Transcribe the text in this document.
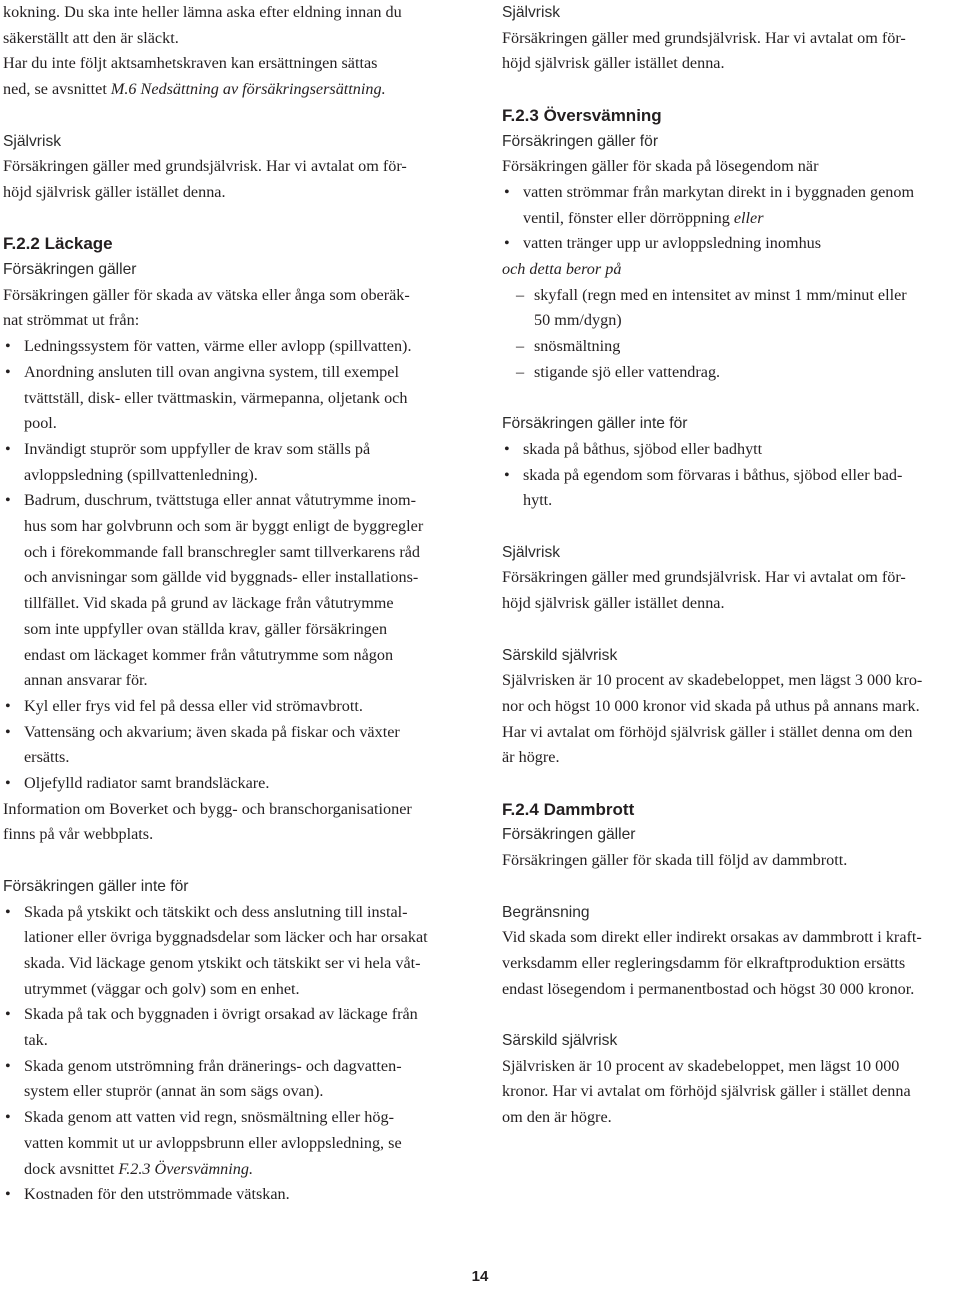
kokning. Du ska inte heller lämna aska efter eldning innan du
säkerställt att den är släckt.

Har du inte följt aktsamhetskraven kan ersättningen sättas

ned, se avsnittet M.6 Nedsättning av försäkringsersättning.

Självrisk

Försäkringen gäller med grundsjälvrisk. Har vi avtalat om för-
höjd självrisk gäller istället denna.

F.2.2 Läckage

Försäkringen gäller

Försäkringen gäller för skada av vätska eller ånga som oberäk-
nat strömmat ut från:

• Ledningssystem för vatten, värme eller avlopp (spillvatten).
• Anordning ansluten till ovan angivna system, till exempel
tvättställ, disk- eller tvättmaskin, värmepanna, oljetank och
pool.
• Invändigt stuprör som uppfyller de krav som ställs på
avloppsledning (spillvattenledning).
• Badrum, duschrum, tvättstuga eller annat våtutrymme inom-
hus som har golvbrunn och som är byggt enligt de byggregler
och i förekommande fall branschregler samt tillverkarens råd
och anvisningar som gällde vid byggnads- eller installations-
tillfället. Vid skada på grund av läckage från våtutrymme
som inte uppfyller ovan ställda krav, gäller försäkringen
endast om läckaget kommer från våtutrymme som någon
annan ansvarar för.
• Kyl eller frys vid fel på dessa eller vid strömavbrott.
• Vattensäng och akvarium; även skada på fiskar och växter
ersätts.
• Oljefylld radiator samt brandsläckare.

Information om Boverket och bygg- och branschorganisationer
finns på vår webbplats.

Försäkringen gäller inte för

• Skada på ytskikt och tätskikt och dess anslutning till instal-
lationer eller övriga byggnadsdelar som läcker och har orsakat
skada. Vid läckage genom ytskikt och tätskikt ser vi hela våt-
utrymmet (väggar och golv) som en enhet.
• Skada på tak och byggnaden i övrigt orsakad av läckage från
tak.
• Skada genom utströmning från dränerings- och dagvatten-
system eller stuprör (annat än som sägs ovan).
• Skada genom att vatten vid regn, snösmältning eller hög-
vatten kommit ut ur avloppsbrunn eller avloppsledning, se
dock avsnittet F.2.3 Översvämning.
• Kostnaden för den utströmmade vätskan.

Självrisk

Försäkringen gäller med grundsjälvrisk. Har vi avtalat om för-
höjd självrisk gäller istället denna.

F.2.3 Översvämning

Försäkringen gäller för

Försäkringen gäller för skada på lösegendom när

• vatten strömmar från markytan direkt in i byggnaden genom
ventil, fönster eller dörröppning eller
• vatten tränger upp ur avloppsledning inomhus

och detta beror på

– skyfall (regn med en intensitet av minst 1 mm/minut eller
50 mm/dygn)
– snösmältning
– stigande sjö eller vattendrag.

Försäkringen gäller inte för

• skada på båthus, sjöbod eller badhytt
• skada på egendom som förvaras i båthus, sjöbod eller bad-
hytt.

Självrisk

Försäkringen gäller med grundsjälvrisk. Har vi avtalat om för-
höjd självrisk gäller istället denna.

Särskild självrisk

Självrisken är 10 procent av skadebeloppet, men lägst 3 000 kro-
nor och högst 10 000 kronor vid skada på uthus på annans mark.
Har vi avtalat om förhöjd självrisk gäller i stället denna om den
är högre.

F.2.4 Dammbrott

Försäkringen gäller

Försäkringen gäller för skada till följd av dammbrott.

Begränsning

Vid skada som direkt eller indirekt orsakas av dammbrott i kraft-
verksdamm eller regleringsdamm för elkraftproduktion ersätts
endast lösegendom i permanentbostad och högst 30 000 kronor.

Särskild självrisk

Självrisken är 10 procent av skadebeloppet, men lägst 10 000
kronor. Har vi avtalat om förhöjd självrisk gäller i stället denna
om den är högre.

14
